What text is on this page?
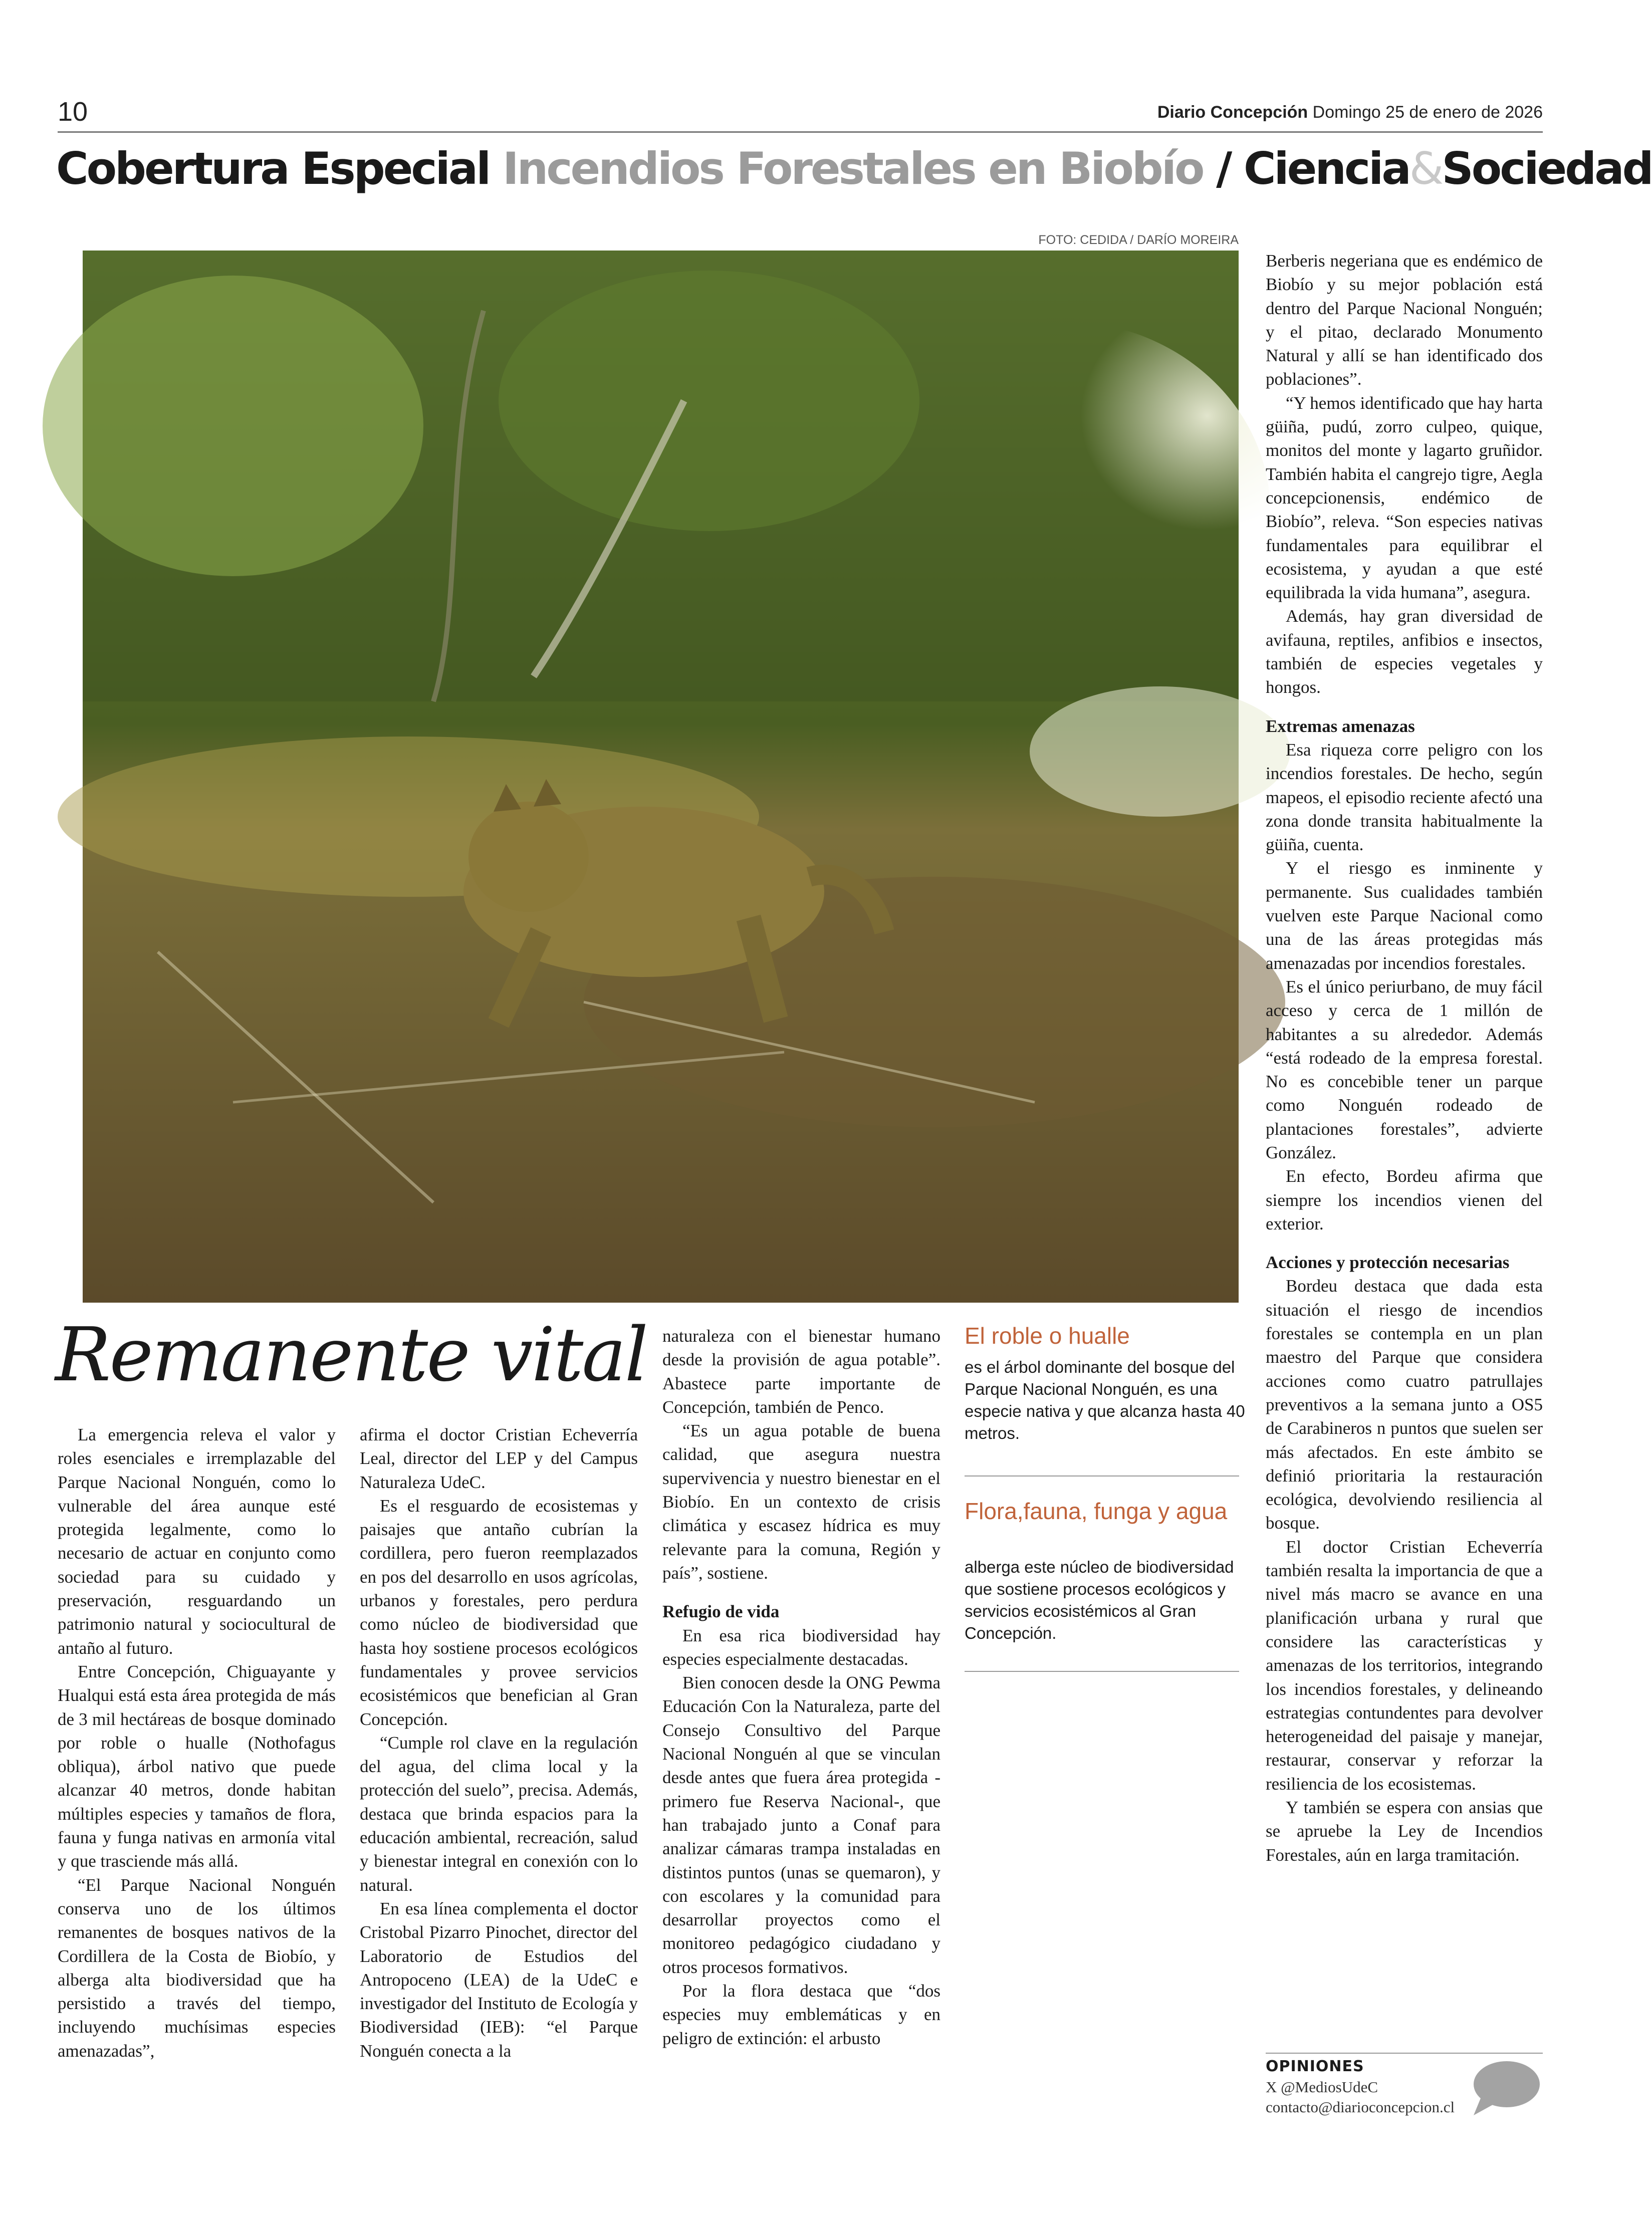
10	Diario Concepción Domingo 25 de enero de 2026
Cobertura Especial Incendios Forestales en Biobío / Ciencia&Sociedad
FOTO: CEDIDA / DARÍO MOREIRA
Remanente vital

La emergencia releva el valor y roles esenciales e irremplazable del Parque Nacional Nonguén, como lo vulnerable del área aunque esté protegida legalmente, como lo necesario de actuar en conjunto como sociedad para su cuidado y preservación, resguardando un patrimonio natural y sociocultural de antaño al futuro.

Entre Concepción, Chiguayante y Hualqui está esta área protegida de más de 3 mil hectáreas de bosque dominado por roble o hualle (Nothofagus obliqua), árbol nativo que puede alcanzar 40 metros, donde habitan múltiples especies y tamaños de flora, fauna y funga nativas en armonía vital y que trasciende más allá.

“El Parque Nacional Nonguén conserva uno de los últimos remanentes de bosques nativos de la Cordillera de la Costa de Biobío, y alberga alta biodiversidad que ha persistido a través del tiempo, incluyendo muchísimas especies amenazadas”,

afirma el doctor Cristian Echeverría Leal, director del LEP y del Campus Naturaleza UdeC.

Es el resguardo de ecosistemas y paisajes que antaño cubrían la cordillera, pero fueron reemplazados en pos del desarrollo en usos agrícolas, urbanos y forestales, pero perdura como núcleo de biodiversidad que hasta hoy sostiene procesos ecológicos fundamentales y provee servicios ecosistémicos que benefician al Gran Concepción.

“Cumple rol clave en la regulación del agua, del clima local y la protección del suelo”, precisa. Además, destaca que brinda espacios para la educación ambiental, recreación, salud y bienestar integral en conexión con lo natural.

En esa línea complementa el doctor Cristobal Pizarro Pinochet, director del Laboratorio de Estudios del Antropoceno (LEA) de la UdeC e investigador del Instituto de Ecología y Biodiversidad (IEB): “el Parque Nonguén conecta a la

naturaleza con el bienestar humano desde la provisión de agua potable”. Abastece parte importante de Concepción, también de Penco.

“Es un agua potable de buena calidad, que asegura nuestra supervivencia y nuestro bienestar en el Biobío. En un contexto de crisis climática y escasez hídrica es muy relevante para la comuna, Región y país”, sostiene.

Refugio de vida

En esa rica biodiversidad hay especies especialmente destacadas.

Bien conocen desde la ONG Pewma Educación Con la Naturaleza, parte del Consejo Consultivo del Parque Nacional Nonguén al que se vinculan desde antes que fuera área protegida -primero fue Reserva Nacional-, que han trabajado junto a Conaf para analizar cámaras trampa instaladas en distintos puntos (unas se quemaron), y con escolares y la comunidad para desarrollar proyectos como el monitoreo pedagógico ciudadano y otros procesos formativos.

Por la flora destaca que “dos especies muy emblemáticas y en peligro de extinción: el arbusto

El roble o hualle
es el árbol dominante del bosque del Parque Nacional Nonguén, es una especie nativa y que alcanza hasta 40 metros.
Flora,fauna, funga y agua
alberga este núcleo de biodiversidad que sostiene procesos ecológicos y servicios ecosistémicos al Gran Concepción.

Berberis negeriana que es endémico de Biobío y su mejor población está dentro del Parque Nacional Nonguén; y el pitao, declarado Monumento Natural y allí se han identificado dos poblaciones”.

“Y hemos identificado que hay harta güiña, pudú, zorro culpeo, quique, monitos del monte y lagarto gruñidor. También habita el cangrejo tigre, Aegla concepcionensis, endémico de Biobío”, releva. “Son especies nativas fundamentales para equilibrar el ecosistema, y ayudan a que esté equilibrada la vida humana”, asegura.

Además, hay gran diversidad de avifauna, reptiles, anfibios e insectos, también de especies vegetales y hongos.

Extremas amenazas

Esa riqueza corre peligro con los incendios forestales. De hecho, según mapeos, el episodio reciente afectó una zona donde transita habitualmente la güiña, cuenta.

Y el riesgo es inminente y permanente. Sus cualidades también vuelven este Parque Nacional como una de las áreas protegidas más amenazadas por incendios forestales.

Es el único periurbano, de muy fácil acceso y cerca de 1 millón de habitantes a su alrededor. Además “está rodeado de la empresa forestal. No es concebible tener un parque como Nonguén rodeado de plantaciones forestales”, advierte González.

En efecto, Bordeu afirma que siempre los incendios vienen del exterior.

Acciones y protección necesarias

Bordeu destaca que dada esta situación el riesgo de incendios forestales se contempla en un plan maestro del Parque que considera acciones como cuatro patrullajes preventivos a la semana junto a OS5 de Carabineros n puntos que suelen ser más afectados. En este ámbito se definió prioritaria la restauración ecológica, devolviendo resiliencia al bosque.

El doctor Cristian Echeverría también resalta la importancia de que a nivel más macro se avance en una planificación urbana y rural que considere las características y amenazas de los territorios, integrando los incendios forestales, y delineando estrategias contundentes para devolver heterogeneidad del paisaje y manejar, restaurar, conservar y reforzar la resiliencia de los ecosistemas.

Y también se espera con ansias que se apruebe la Ley de Incendios Forestales, aún en larga tramitación.

OPINIONES
X @MediosUdeC
contacto@diarioconcepcion.cl
